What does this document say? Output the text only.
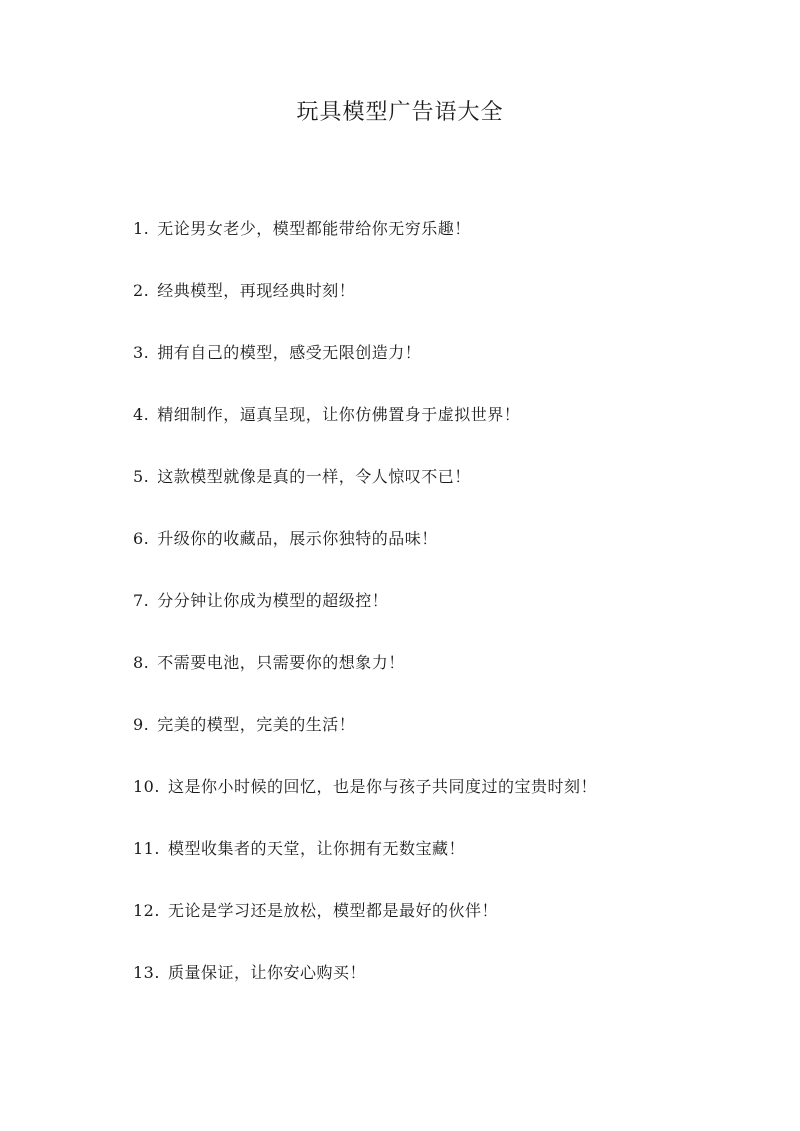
玩具模型广告语大全
1. 无论男女老少，模型都能带给你无穷乐趣！
2. 经典模型，再现经典时刻！
3. 拥有自己的模型，感受无限创造力！
4. 精细制作，逼真呈现，让你仿佛置身于虚拟世界！
5. 这款模型就像是真的一样，令人惊叹不已！
6. 升级你的收藏品，展示你独特的品味！
7. 分分钟让你成为模型的超级控！
8. 不需要电池，只需要你的想象力！
9. 完美的模型，完美的生活！
10. 这是你小时候的回忆，也是你与孩子共同度过的宝贵时刻！
11. 模型收集者的天堂，让你拥有无数宝藏！
12. 无论是学习还是放松，模型都是最好的伙伴！
13. 质量保证，让你安心购买！
